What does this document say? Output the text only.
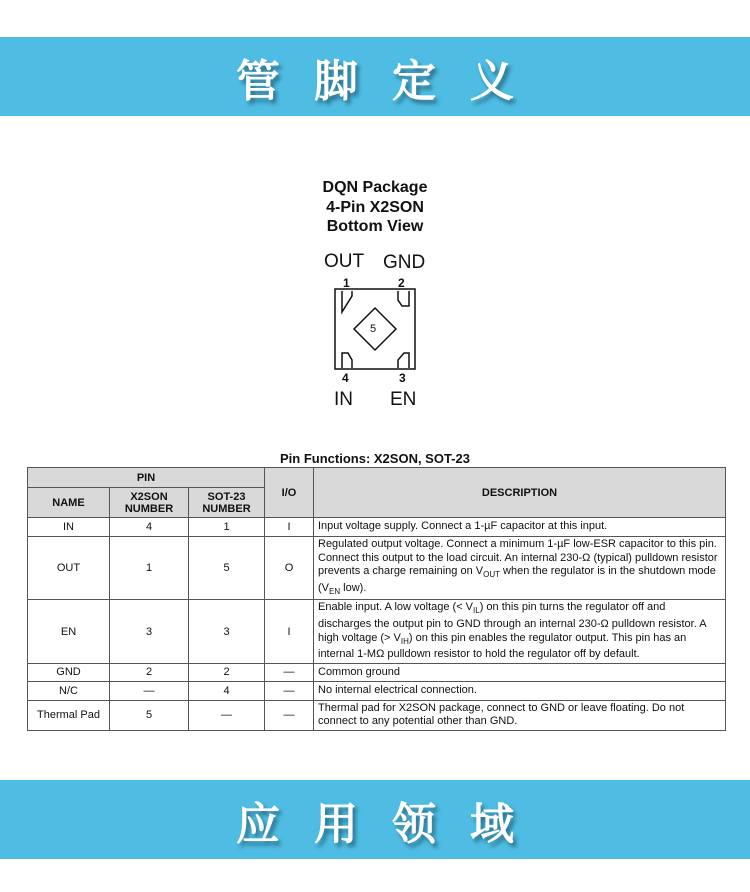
管脚定义
DQN Package
4-Pin X2SON
Bottom View
OUT GND
IN EN
1	2
4	3
5
Pin Functions: X2SON, SOT-23
PIN			I/O	DESCRIPTION
NAME	X2SON NUMBER	SOT-23 NUMBER		
IN	4	1	I	Input voltage supply. Connect a 1-µF capacitor at this input.
OUT	1	5	O	Regulated output voltage. Connect a minimum 1-µF low-ESR capacitor to this pin. Connect this output to the load circuit. An internal 230-Ω (typical) pulldown resistor prevents a charge remaining on $V_{OUT}$ when the regulator is in the shutdown mode ($V_{EN}$ low).
EN	3	3	I	Enable input. A low voltage (< $V_{IL}$) on this pin turns the regulator off and discharges the output pin to GND through an internal 230-Ω pulldown resistor. A high voltage (> $V_{IH}$) on this pin enables the regulator output. This pin has an internal 1-MΩ pulldown resistor to hold the regulator off by default.
GND	2	2	—	Common ground
N/C	—	4	—	No internal electrical connection.
Thermal Pad	5	—	—	Thermal pad for X2SON package, connect to GND or leave floating. Do not connect to any potential other than GND.
应用领域
